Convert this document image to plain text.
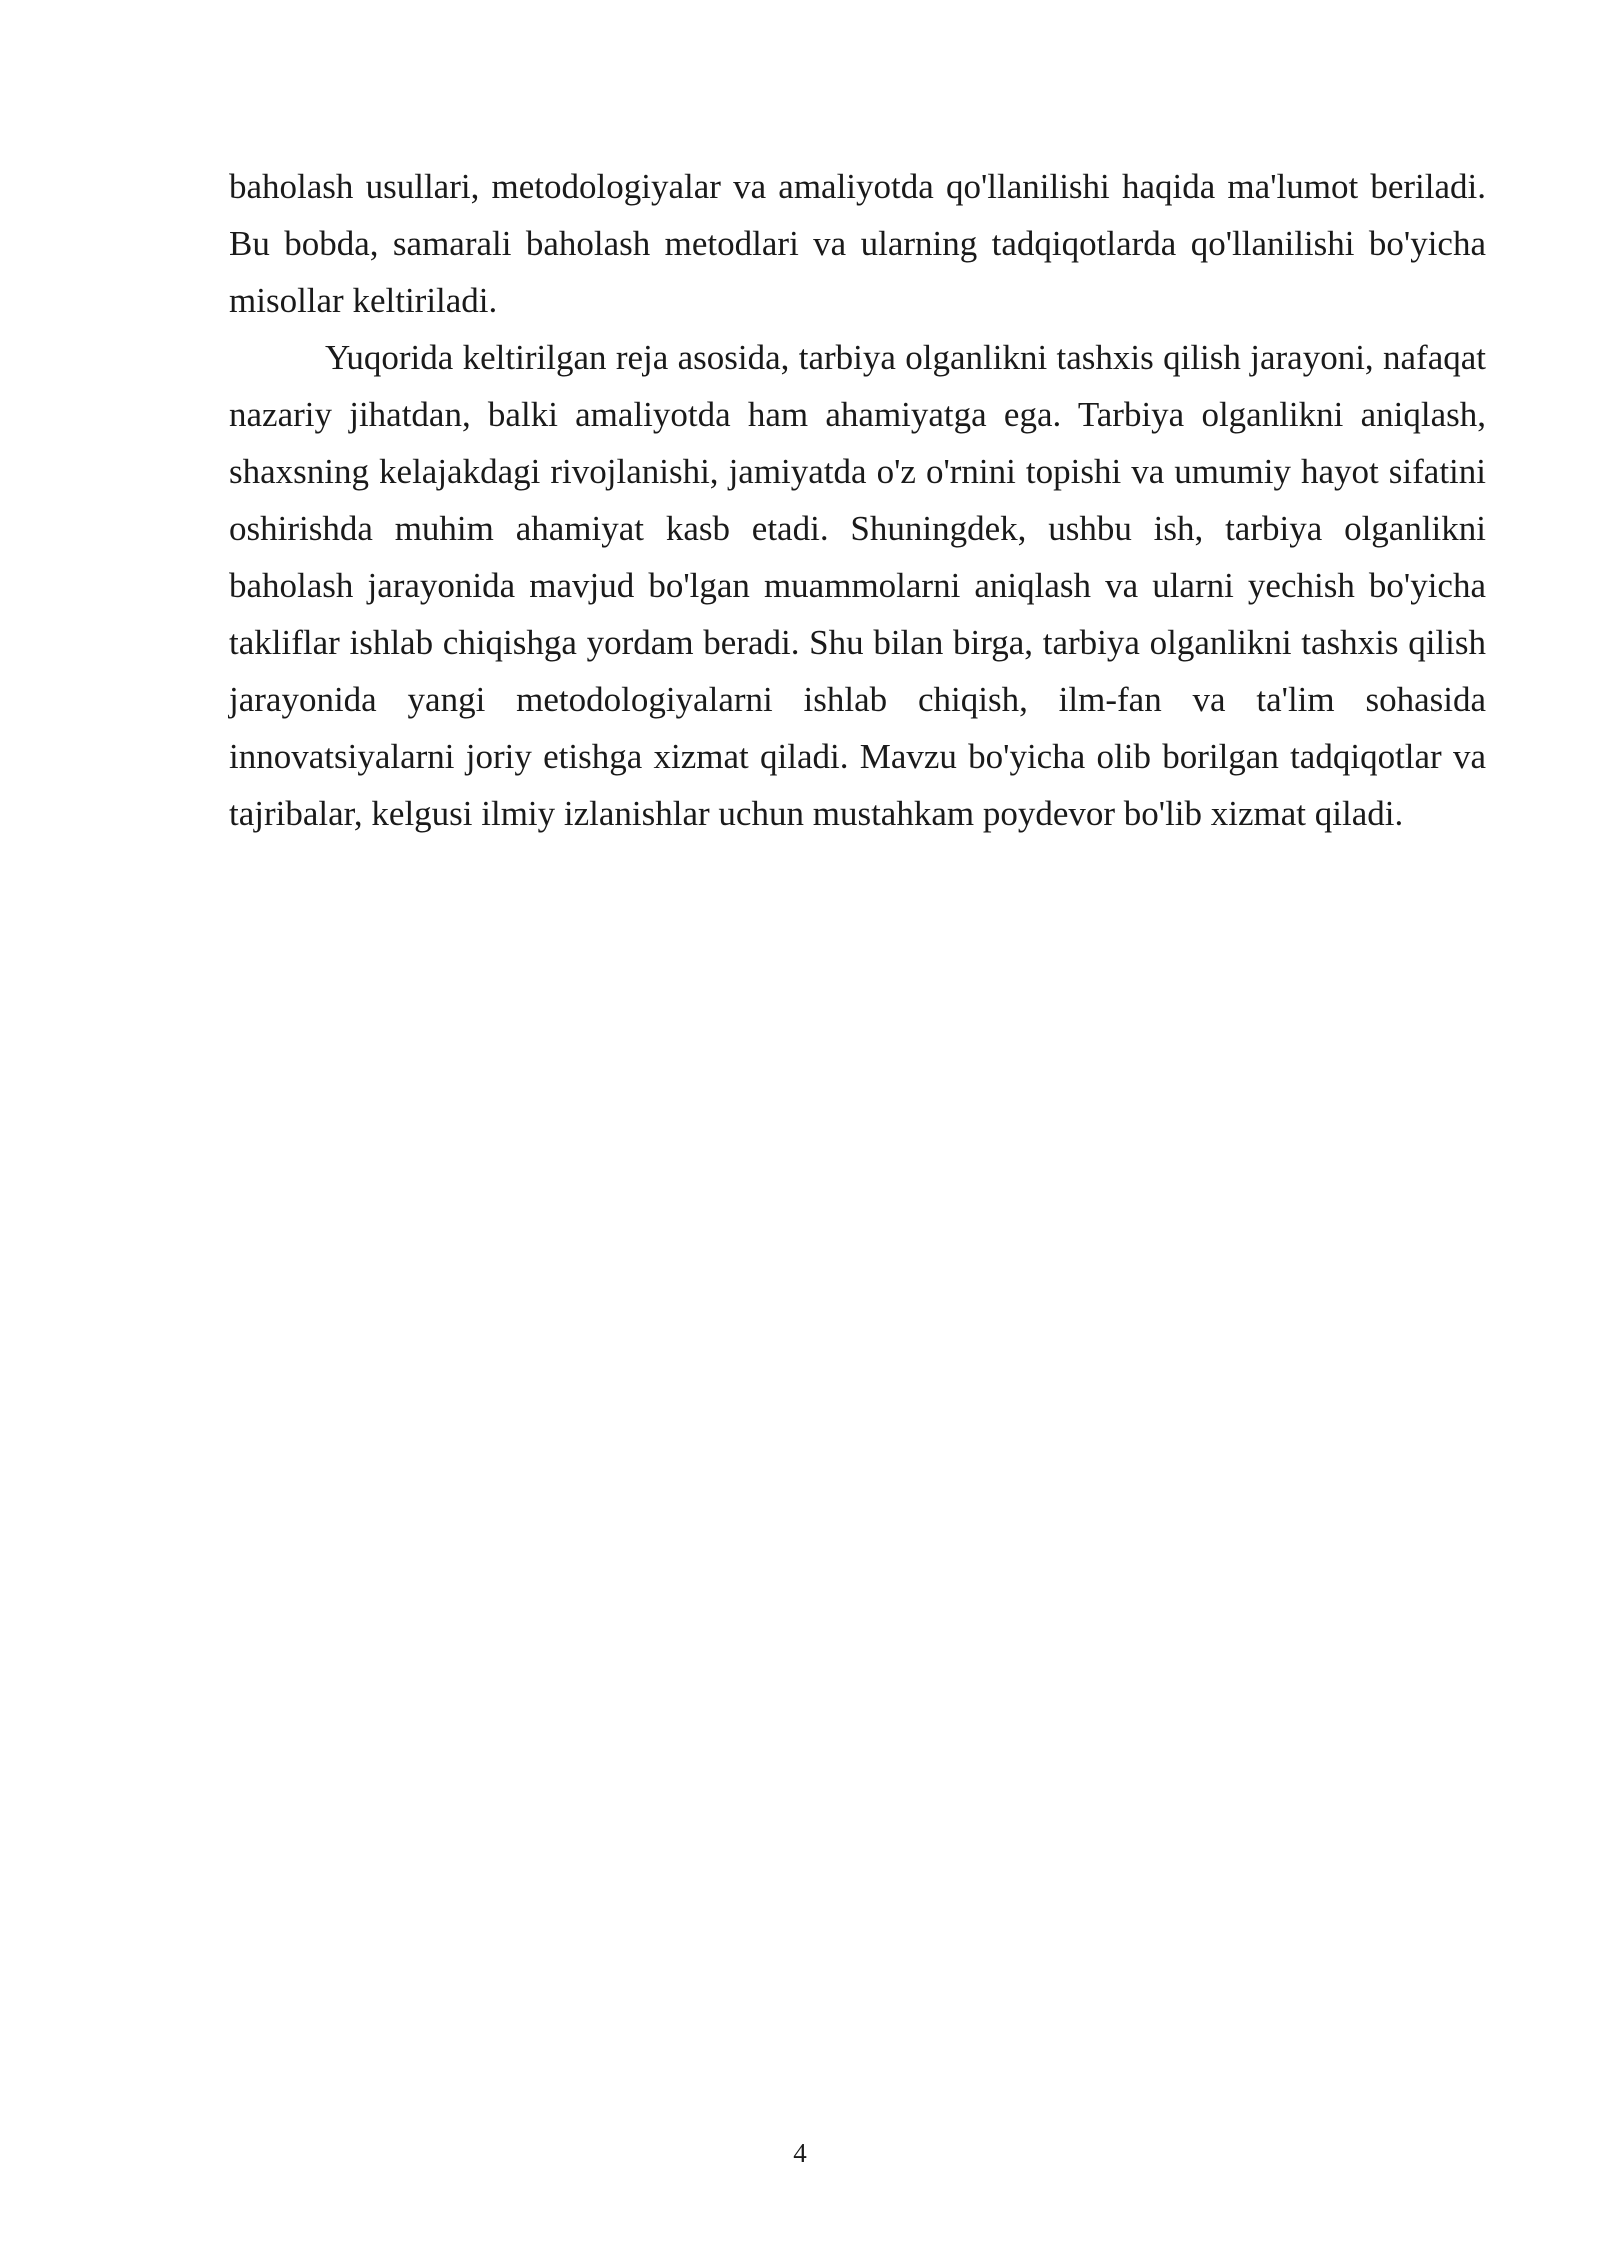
baholash usullari, metodologiyalar va amaliyotda qo'llanilishi haqida ma'lumot beriladi. Bu bobda, samarali baholash metodlari va ularning tadqiqotlarda qo'llanilishi bo'yicha misollar keltiriladi.

Yuqorida keltirilgan reja asosida, tarbiya olganlikni tashxis qilish jarayoni, nafaqat nazariy jihatdan, balki amaliyotda ham ahamiyatga ega. Tarbiya olganlikni aniqlash, shaxsning kelajakdagi rivojlanishi, jamiyatda o'z o'rnini topishi va umumiy hayot sifatini oshirishda muhim ahamiyat kasb etadi. Shuningdek, ushbu ish, tarbiya olganlikni baholash jarayonida mavjud bo'lgan muammolarni aniqlash va ularni yechish bo'yicha takliflar ishlab chiqishga yordam beradi. Shu bilan birga, tarbiya olganlikni tashxis qilish jarayonida yangi metodologiyalarni ishlab chiqish, ilm-fan va ta'lim sohasida innovatsiyalarni joriy etishga xizmat qiladi. Mavzu bo'yicha olib borilgan tadqiqotlar va tajribalar, kelgusi ilmiy izlanishlar uchun mustahkam poydevor bo'lib xizmat qiladi.

4
